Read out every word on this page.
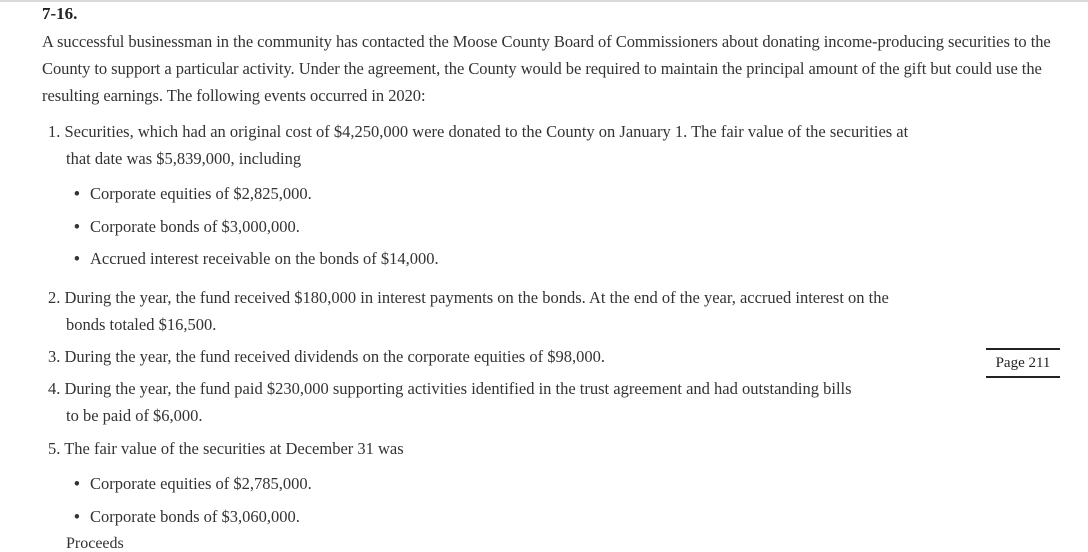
7-16.

A successful businessman in the community has contacted the Moose County Board of Commissioners about donating income-producing securities to the County to support a particular activity. Under the agreement, the County would be required to maintain the principal amount of the gift but could use the resulting earnings. The following events occurred in 2020:

1. Securities, which had an original cost of $4,250,000 were donated to the County on January 1. The fair value of the securities at
that date was $5,839,000, including

• Corporate equities of $2,825,000.

• Corporate bonds of $3,000,000.

• Accrued interest receivable on the bonds of $14,000.

2. During the year, the fund received $180,000 in interest payments on the bonds. At the end of the year, accrued interest on the
bonds totaled $16,500.

3. During the year, the fund received dividends on the corporate equities of $98,000.	Page 211

4. During the year, the fund paid $230,000 supporting activities identified in the trust agreement and had outstanding bills
to be paid of $6,000.

5. The fair value of the securities at December 31 was

• Corporate equities of $2,785,000.

• Corporate bonds of $3,060,000.

Proceeds
